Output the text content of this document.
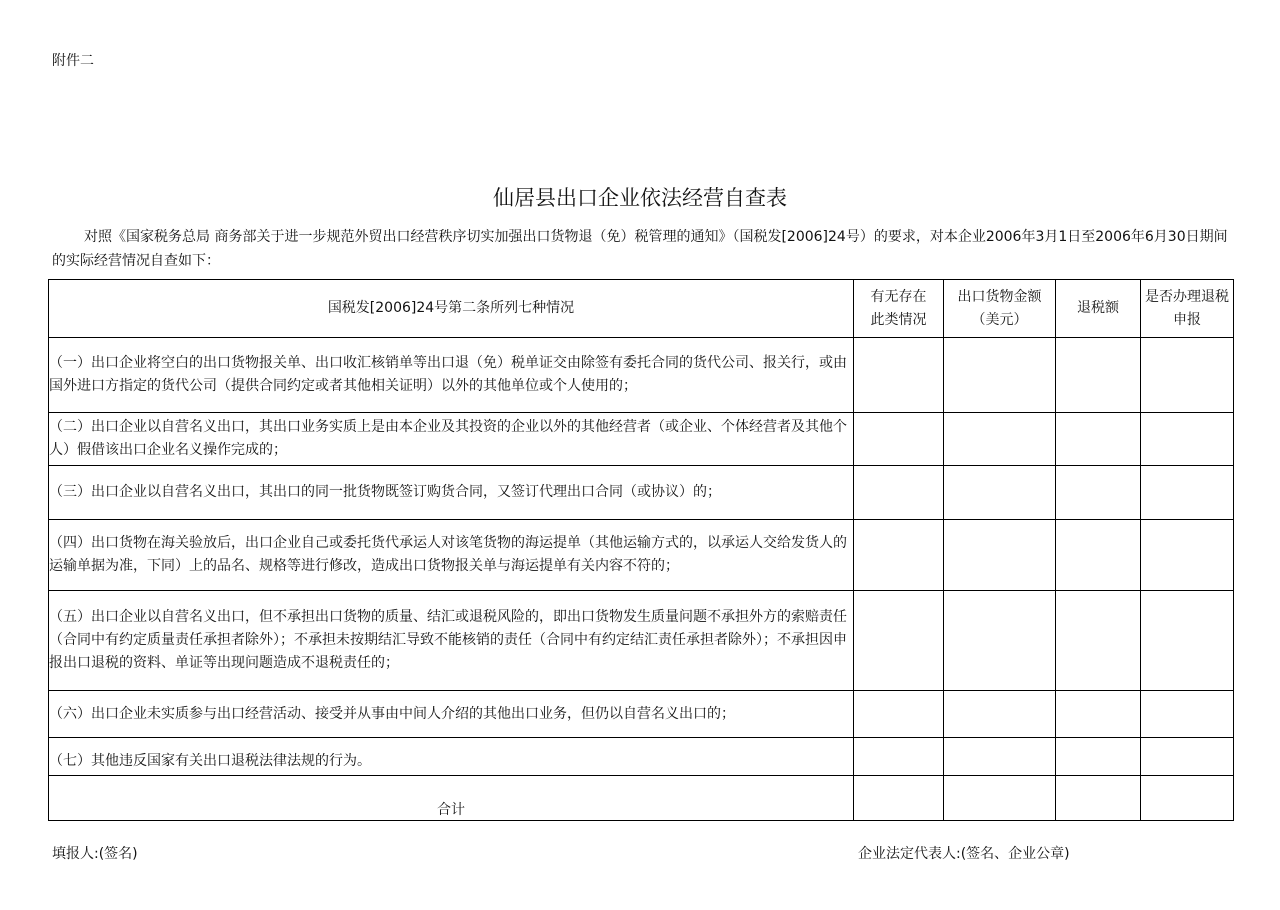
附件二
仙居县出口企业依法经营自查表
对照《国家税务总局 商务部关于进一步规范外贸出口经营秩序切实加强出口货物退（免）税管理的通知》（国税发[2006]24号）的要求，对本企业2006年3月1日至2006年6月30日期间的实际经营情况自查如下：
国税发[2006]24号第二条所列七种情况	有无存在此类情况	出口货物金额（美元）	退税额	是否办理退税申报

（一）出口企业将空白的出口货物报关单、出口收汇核销单等出口退（免）税单证交由除签有委托合同的货代公司、报关行，或由国外进口方指定的货代公司（提供合同约定或者其他相关证明）以外的其他单位或个人使用的；				
（二）出口企业以自营名义出口，其出口业务实质上是由本企业及其投资的企业以外的其他经营者（或企业、个体经营者及其他个人）假借该出口企业名义操作完成的；				
（三）出口企业以自营名义出口，其出口的同一批货物既签订购货合同，又签订代理出口合同（或协议）的；				
（四）出口货物在海关验放后，出口企业自己或委托货代承运人对该笔货物的海运提单（其他运输方式的，以承运人交给发货人的运输单据为准，下同）上的品名、规格等进行修改，造成出口货物报关单与海运提单有关内容不符的；				
（五）出口企业以自营名义出口，但不承担出口货物的质量、结汇或退税风险的，即出口货物发生质量问题不承担外方的索赔责任（合同中有约定质量责任承担者除外）；不承担未按期结汇导致不能核销的责任（合同中有约定结汇责任承担者除外）；不承担因申报出口退税的资料、单证等出现问题造成不退税责任的；				
（六）出口企业未实质参与出口经营活动、接受并从事由中间人介绍的其他出口业务，但仍以自营名义出口的；				
（七）其他违反国家有关出口退税法律法规的行为。				
合计				
填报人:(签名)	企业法定代表人:(签名、企业公章)
